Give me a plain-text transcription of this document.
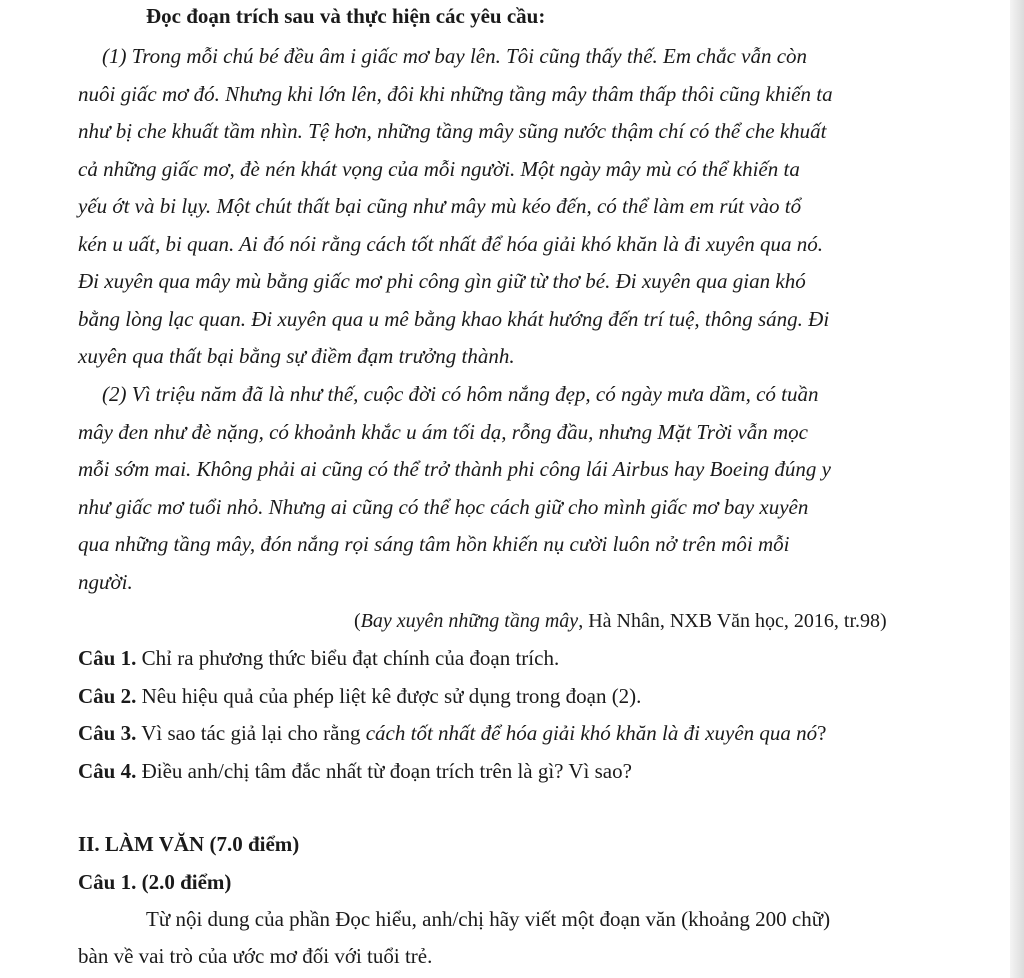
Đọc đoạn trích sau và thực hiện các yêu cầu:

(1) Trong mỗi chú bé đều âm i giấc mơ bay lên. Tôi cũng thấy thế. Em chắc vẫn còn

nuôi giấc mơ đó. Nhưng khi lớn lên, đôi khi những tầng mây thâm thấp thôi cũng khiến ta

như bị che khuất tầm nhìn. Tệ hơn, những tầng mây sũng nước thậm chí có thể che khuất

cả những giấc mơ, đè nén khát vọng của mỗi người. Một ngày mây mù có thể khiến ta

yếu ớt và bi lụy. Một chút thất bại cũng như mây mù kéo đến, có thể làm em rút vào tổ

kén u uất, bi quan. Ai đó nói rằng cách tốt nhất để hóa giải khó khăn là đi xuyên qua nó.

Đi xuyên qua mây mù bằng giấc mơ phi công gìn giữ từ thơ bé. Đi xuyên qua gian khó

bằng lòng lạc quan. Đi xuyên qua u mê bằng khao khát hướng đến trí tuệ, thông sáng. Đi

xuyên qua thất bại bằng sự điềm đạm trưởng thành.

(2) Vì triệu năm đã là như thế, cuộc đời có hôm nắng đẹp, có ngày mưa dầm, có tuần

mây đen như đè nặng, có khoảnh khắc u ám tối dạ, rỗng đầu, nhưng Mặt Trời vẫn mọc

mỗi sớm mai. Không phải ai cũng có thể trở thành phi công lái Airbus hay Boeing đúng y

như giấc mơ tuổi nhỏ. Nhưng ai cũng có thể học cách giữ cho mình giấc mơ bay xuyên

qua những tầng mây, đón nắng rọi sáng tâm hồn khiến nụ cười luôn nở trên môi mỗi

người.

(Bay xuyên những tầng mây, Hà Nhân, NXB Văn học, 2016, tr.98)

Câu 1. Chỉ ra phương thức biểu đạt chính của đoạn trích.

Câu 2. Nêu hiệu quả của phép liệt kê được sử dụng trong đoạn (2).

Câu 3. Vì sao tác giả lại cho rằng cách tốt nhất để hóa giải khó khăn là đi xuyên qua nó?

Câu 4. Điều anh/chị tâm đắc nhất từ đoạn trích trên là gì? Vì sao?

II. LÀM VĂN (7.0 điểm)

Câu 1. (2.0 điểm)

Từ nội dung của phần Đọc hiểu, anh/chị hãy viết một đoạn văn (khoảng 200 chữ)

bàn về vai trò của ước mơ đối với tuổi trẻ.
